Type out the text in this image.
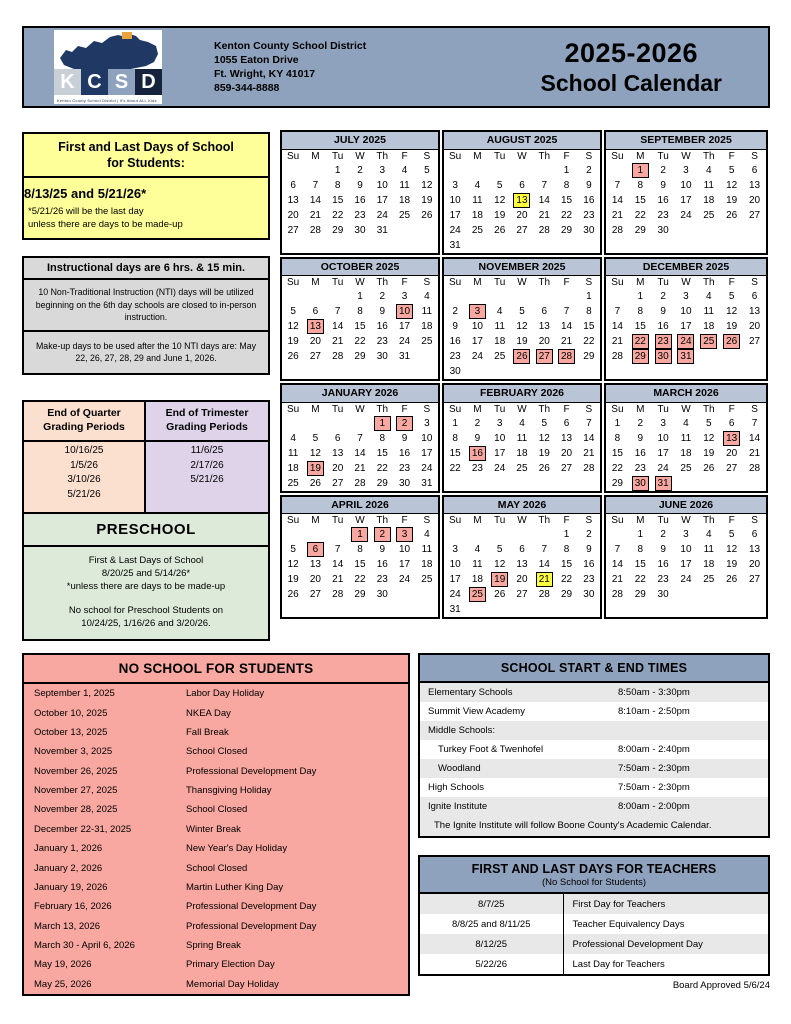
K C S D
Kenton County School District | It's About ALL Kids
Kenton County School District
1055 Eaton Drive
Ft. Wright, KY 41017
859-344-8888
2025-2026
School Calendar
First and Last Days of School
for Students:
8/13/25 and 5/21/26*
*5/21/26 will be the last day
unless there are days to be made-up
Instructional days are 6 hrs. & 15 min.
10 Non-Traditional Instruction (NTI) days will be utilized beginning on the 6th day schools are closed to in-person instruction.
Make-up days to be used after the 10 NTI days are: May 22, 26, 27, 28, 29 and June 1, 2026.
End of Quarter Grading Periods
10/16/25
1/5/26
3/10/26
5/21/26
End of Trimester Grading Periods
11/6/25
2/17/26
5/21/26
PRESCHOOL
First & Last Days of School
8/20/25 and 5/14/26*
*unless there are days to be made-up
No school for Preschool Students on
10/24/25, 1/16/26 and 3/20/26.
JULY 2025
Su	M	Tu	W	Th	F	S
		1	2	3	4	5
6	7	8	9	10	11	12
13	14	15	16	17	18	19
20	21	22	23	24	25	26
27	28	29	30	31		
AUGUST 2025
Su	M	Tu	W	Th	F	S
					1	2
3	4	5	6	7	8	9
10	11	12	13	14	15	16
17	18	19	20	21	22	23
24	25	26	27	28	29	30
31						
SEPTEMBER 2025
Su	M	Tu	W	Th	F	S
	1	2	3	4	5	6
7	8	9	10	11	12	13
14	15	16	17	18	19	20
21	22	23	24	25	26	27
28	29	30				
OCTOBER 2025
Su	M	Tu	W	Th	F	S
			1	2	3	4
5	6	7	8	9	10	11
12	13	14	15	16	17	18
19	20	21	22	23	24	25
26	27	28	29	30	31	
NOVEMBER 2025
Su	M	Tu	W	Th	F	S
						1
2	3	4	5	6	7	8
9	10	11	12	13	14	15
16	17	18	19	20	21	22
23	24	25	26	27	28	29
30						
DECEMBER 2025
Su	M	Tu	W	Th	F	S
	1	2	3	4	5	6
7	8	9	10	11	12	13
14	15	16	17	18	19	20
21	22	23	24	25	26	27
28	29	30	31			
JANUARY 2026
Su	M	Tu	W	Th	F	S
				1	2	3
4	5	6	7	8	9	10
11	12	13	14	15	16	17
18	19	20	21	22	23	24
25	26	27	28	29	30	31
FEBRUARY 2026
Su	M	Tu	W	Th	F	S
1	2	3	4	5	6	7
8	9	10	11	12	13	14
15	16	17	18	19	20	21
22	23	24	25	26	27	28
MARCH 2026
Su	M	Tu	W	Th	F	S
1	2	3	4	5	6	7
8	9	10	11	12	13	14
15	16	17	18	19	20	21
22	23	24	25	26	27	28
29	30	31				
APRIL 2026
Su	M	Tu	W	Th	F	S
			1	2	3	4
5	6	7	8	9	10	11
12	13	14	15	16	17	18
19	20	21	22	23	24	25
26	27	28	29	30		
MAY 2026
Su	M	Tu	W	Th	F	S
					1	2
3	4	5	6	7	8	9
10	11	12	13	14	15	16
17	18	19	20	21	22	23
24	25	26	27	28	29	30
31						
JUNE 2026
Su	M	Tu	W	Th	F	S
	1	2	3	4	5	6
7	8	9	10	11	12	13
14	15	16	17	18	19	20
21	22	23	24	25	26	27
28	29	30				
NO SCHOOL FOR STUDENTS
September 1, 2025	Labor Day Holiday
October 10, 2025	NKEA Day
October 13, 2025	Fall Break
November 3, 2025	School Closed
November 26, 2025	Professional Development Day
November 27, 2025	Thansgiving Holiday
November 28, 2025	School Closed
December 22-31, 2025	Winter Break
January 1, 2026	New Year's Day Holiday
January 2, 2026	School Closed
January 19, 2026	Martin Luther King Day
February 16, 2026	Professional Development Day
March 13, 2026	Professional Development Day
March 30 - April 6, 2026	Spring Break
May 19, 2026	Primary Election Day
May 25, 2026	Memorial Day Holiday
SCHOOL START & END TIMES
Elementary Schools	8:50am - 3:30pm
Summit View Academy	8:10am - 2:50pm
Middle Schools:	
Turkey Foot & Twenhofel	8:00am - 2:40pm
Woodland	7:50am - 2:30pm
High Schools	7:50am - 2:30pm
Ignite Institute	8:00am - 2:00pm
The Ignite Institute will follow Boone County's Academic Calendar.
FIRST AND LAST DAYS FOR TEACHERS
(No School for Students)
8/7/25	First Day for Teachers
8/8/25 and 8/11/25	Teacher Equivalency Days
8/12/25	Professional Development Day
5/22/26	Last Day for Teachers
Board Approved 5/6/24
